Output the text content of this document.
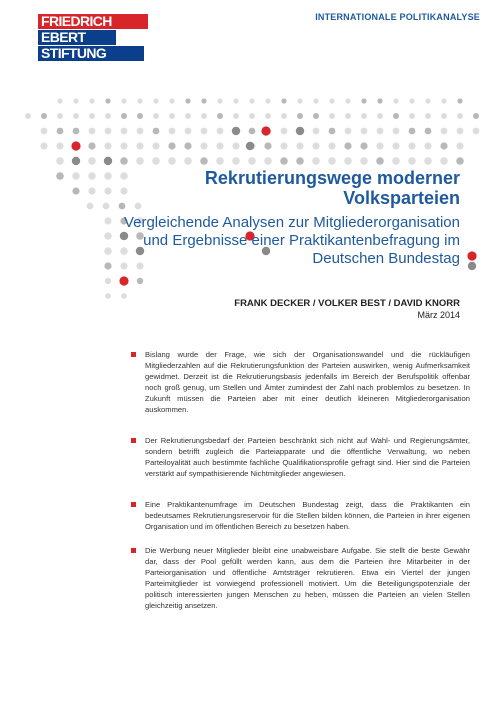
FRIEDRICH
EBERT
STIFTUNG
INTERNATIONALE POLITIKANALYSE
Rekrutierungswege moderner
Volksparteien
Vergleichende Analysen zur Mitgliederorganisation
und Ergebnisse einer Praktikantenbefragung im
Deutschen Bundestag
FRANK DECKER / VOLKER BEST / DAVID KNORR
März 2014
Bislang wurde der Frage, wie sich der Organisationswandel und die rückläufigen Mitgliederzahlen auf die Rekrutierungsfunktion der Parteien auswirken, wenig Aufmerksamkeit gewidmet. Derzeit ist die Rekrutierungsbasis jedenfalls im Bereich der Berufspolitik offenbar noch groß genug, um Stellen und Ämter zumindest der Zahl nach problemlos zu besetzen. In Zukunft müssen die Parteien aber mit einer deutlich kleineren Mitgliederorganisation auskommen.
Der Rekrutierungsbedarf der Parteien beschränkt sich nicht auf Wahl- und Regierungsämter, sondern betrifft zugleich die Parteiapparate und die öffentliche Verwaltung, wo neben Parteiloyalität auch bestimmte fachliche Qualifikationsprofile gefragt sind. Hier sind die Parteien verstärkt auf sympathisierende Nichtmitglieder angewiesen.
Eine Praktikantenumfrage im Deutschen Bundestag zeigt, dass die Praktikanten ein bedeutsames Rekrutierungsreservoir für die Stellen bilden können, die Parteien in ihrer eigenen Organisation und im öffentlichen Bereich zu besetzen haben.
Die Werbung neuer Mitglieder bleibt eine unabweisbare Aufgabe. Sie stellt die beste Gewähr dar, dass der Pool gefüllt werden kann, aus dem die Parteien ihre Mitarbeiter in der Parteiorganisation und öffentliche Amtsträger rekrutieren. Etwa ein Viertel der jungen Parteimitglieder ist vorwiegend professionell motiviert. Um die Beteiligungspotenziale der politisch interessierten jungen Menschen zu heben, müssen die Parteien an vielen Stellen gleichzeitig ansetzen.
